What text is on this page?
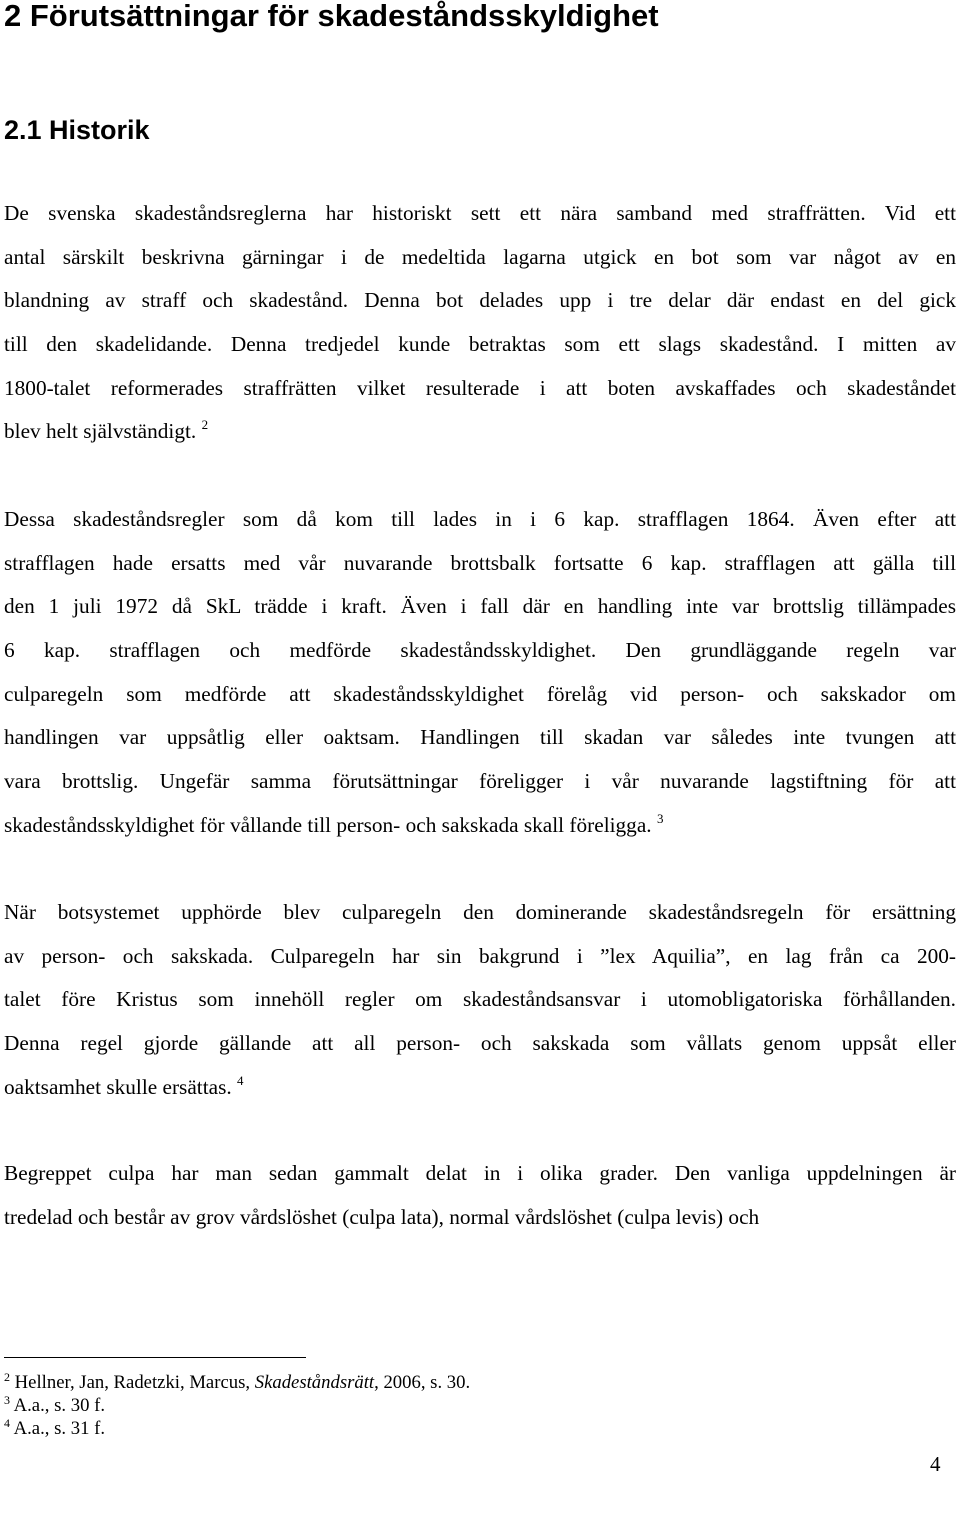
2 Förutsättningar för skadeståndsskyldighet
2.1 Historik
De svenska skadeståndsreglerna har historiskt sett ett nära samband med straffrätten. Vid ett
antal särskilt beskrivna gärningar i de medeltida lagarna utgick en bot som var något av en
blandning av straff och skadestånd. Denna bot delades upp i tre delar där endast en del gick
till den skadelidande. Denna tredjedel kunde betraktas som ett slags skadestånd. I mitten av
1800-talet reformerades straffrätten vilket resulterade i att boten avskaffades och skadeståndet
blev helt självständigt. $^2$
Dessa skadeståndsregler som då kom till lades in i 6 kap. strafflagen 1864. Även efter att
strafflagen hade ersatts med vår nuvarande brottsbalk fortsatte 6 kap. strafflagen att gälla till
den 1 juli 1972 då SkL trädde i kraft. Även i fall där en handling inte var brottslig tillämpades
6 kap. strafflagen och medförde skadeståndsskyldighet. Den grundläggande regeln var
culparegeln som medförde att skadeståndsskyldighet förelåg vid person- och sakskador om
handlingen var uppsåtlig eller oaktsam. Handlingen till skadan var således inte tvungen att
vara brottslig. Ungefär samma förutsättningar föreligger i vår nuvarande lagstiftning för att
skadeståndsskyldighet för vållande till person- och sakskada skall föreligga. $^3$
När botsystemet upphörde blev culparegeln den dominerande skadeståndsregeln för ersättning
av person- och sakskada. Culparegeln har sin bakgrund i ”lex Aquilia”, en lag från ca 200-
talet före Kristus som innehöll regler om skadeståndsansvar i utomobligatoriska förhållanden.
Denna regel gjorde gällande att all person- och sakskada som vållats genom uppsåt eller
oaktsamhet skulle ersättas. $^4$
Begreppet culpa har man sedan gammalt delat in i olika grader. Den vanliga uppdelningen är
tredelad och består av grov vårdslöshet (culpa lata), normal vårdslöshet (culpa levis) och

$^2$ Hellner, Jan, Radetzki, Marcus, Skadeståndsrätt, 2006, s. 30.

$^3$ A.a., s. 30 f.

$^4$ A.a., s. 31 f.

4
